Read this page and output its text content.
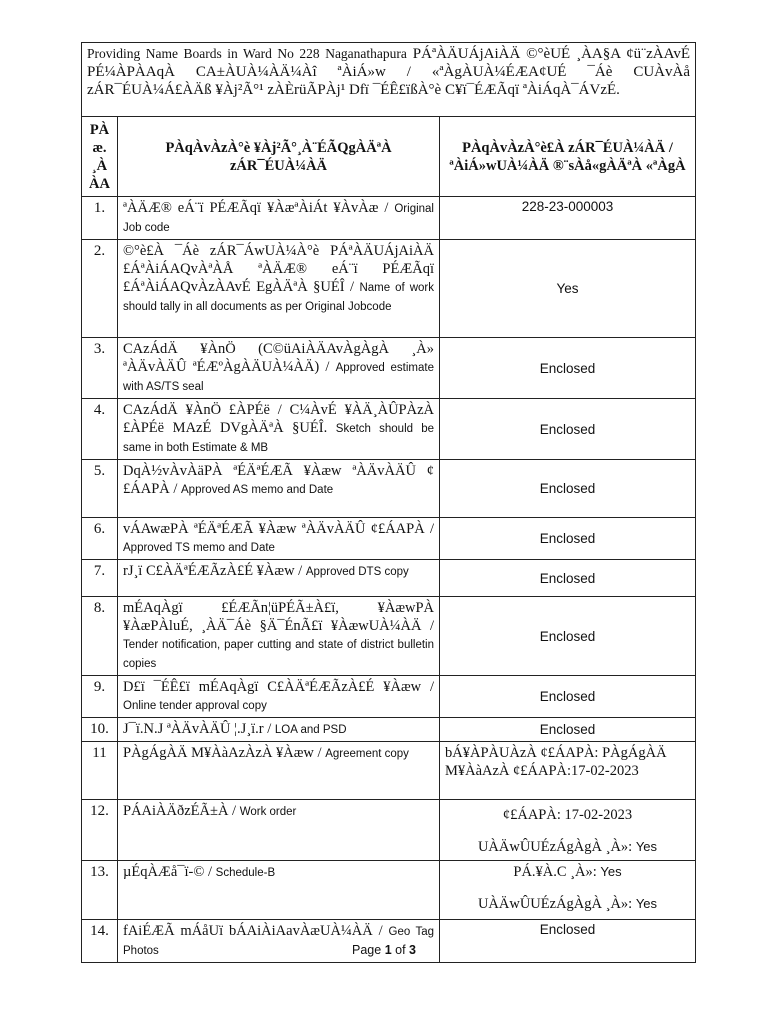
Providing Name Boards in Ward No 228 Naganathapura PÁªÀÄUÁjAiÀÄ ©°èUÉ ¸ÀA§A ¢ü¨zÀAvÉ PÉ¼ÀPÀAqÀ CA±ÀUÀ¼ÀÄ¼Àî ªÀiÁ»w / «ªÀgÀUÀ¼ÉÆA¢UÉ ¯Áè CUÀvÀå zÁR¯ÉUÀ¼Á£ÀÄß ¥Àj²Ã°¹ zÀÈrüÃPÀj¹ Dfï ¯ÉÊ£ïßÀ°è C¥ï¯ÉÆÃqï ªÀiÁqÀ¯ÁVzÉ.		
PÀ æ. ¸À ÀA	PÀqÀvÀzÀ°è ¥Àj²Ã°¸À¨ÉÃQgÀÄªÀ zÁR¯ÉUÀ¼ÀÄ	PÀqÀvÀzÀ°è£À zÁR¯ÉUÀ¼ÀÄ / ªÀiÁ»wUÀ¼ÀÄ ®¨sÀå«gÀÄªÀ «ªÀgÀ
1.	ªÀÄÆ® eÁ¨ï PÉÆÃqï ¥ÀæªÀiÁt ¥ÀvÀæ / Original Job code	228-23-000003
2.	©°è£À ¯Áè zÁR¯ÁwUÀ¼À°è PÁªÀÄUÁjAiÀÄ £ÁªÀiÁAQvÀªÀÅ ªÀÄÆ® eÁ¨ï PÉÆÃqï £ÁªÀiÁAQvÀzÀAvÉ EgÀÄªÀ §UÉÎ / Name of work should tally in all documents as per Original Jobcode	Yes
3.	CAzÁdÄ ¥ÀnÖ (C©üAiÀÄAvÀgÀgÀ ¸À» ªÀÄvÀÄÛ ªÉÆºÀgÀÄUÀ¼ÀÄ) / Approved estimate with AS/TS seal	Enclosed
4.	CAzÁdÄ ¥ÀnÖ £ÀPÉë / C¼ÀvÉ ¥ÀÄ¸ÀÛPÀzÀ £ÀPÉë MAzÉ DVgÀÄªÀ §UÉÎ. Sketch should be same in both Estimate & MB	Enclosed
5.	DqÀ½vÀvÀäPÀ ªÉÄªÉÆÃ ¥Àæw ªÀÄvÀÄÛ ¢£ÁAPÀ / Approved AS memo and Date	Enclosed
6.	vÁAwæPÀ ªÉÄªÉÆÃ ¥Àæw ªÀÄvÀÄÛ ¢£ÁAPÀ / Approved TS memo and Date	Enclosed
7.	rJ¸ï C£ÀÄªÉÆÃzÀ£É ¥Àæw / Approved DTS copy	Enclosed
8.	mÉAqÀgï £ÉÆÃn¦üPÉÃ±À£ï, ¥ÀæwPÀ ¥ÀæPÀluÉ, ¸ÀÄ¯Áè §Ä¯ÉnÃ£ï ¥ÀæwUÀ¼ÀÄ / Tender notification, paper cutting and state of district bulletin copies	Enclosed
9.	D£ï ¯ÉÊ£ï mÉAqÀgï C£ÀÄªÉÆÃzÀ£É ¥Àæw / Online tender approval copy	Enclosed
10.	J¯ï.N.J ªÀÄvÀÄÛ ¦.J¸ï.r / LOA and PSD	Enclosed
11	PÀgÁgÀÄ M¥ÀàAzÀzÀ ¥Àæw / Agreement copy	bÁ¥ÀPÀUÀzÀ ¢£ÁAPÀ: PÀgÁgÀÄ M¥ÀàAzÀ ¢£ÁAPÀ:17-02-2023
12.	PÁAiÀÄðzÉÃ±À / Work order	¢£ÁAPÀ: 17-02-2023
UÀÄwÛUÉzÁgÀgÀ ¸À»: Yes

13.	µÉqÀÆå¯ï-© / Schedule-B	PÁ.¥À.C ¸À»: Yes
UÀÄwÛUÉzÁgÀgÀ ¸À»: Yes

14.	fAiÉÆÃ mÁåUï bÁAiÀiAavÀæUÀ¼ÀÄ / Geo Tag Photos	Enclosed
Page 1 of 3
